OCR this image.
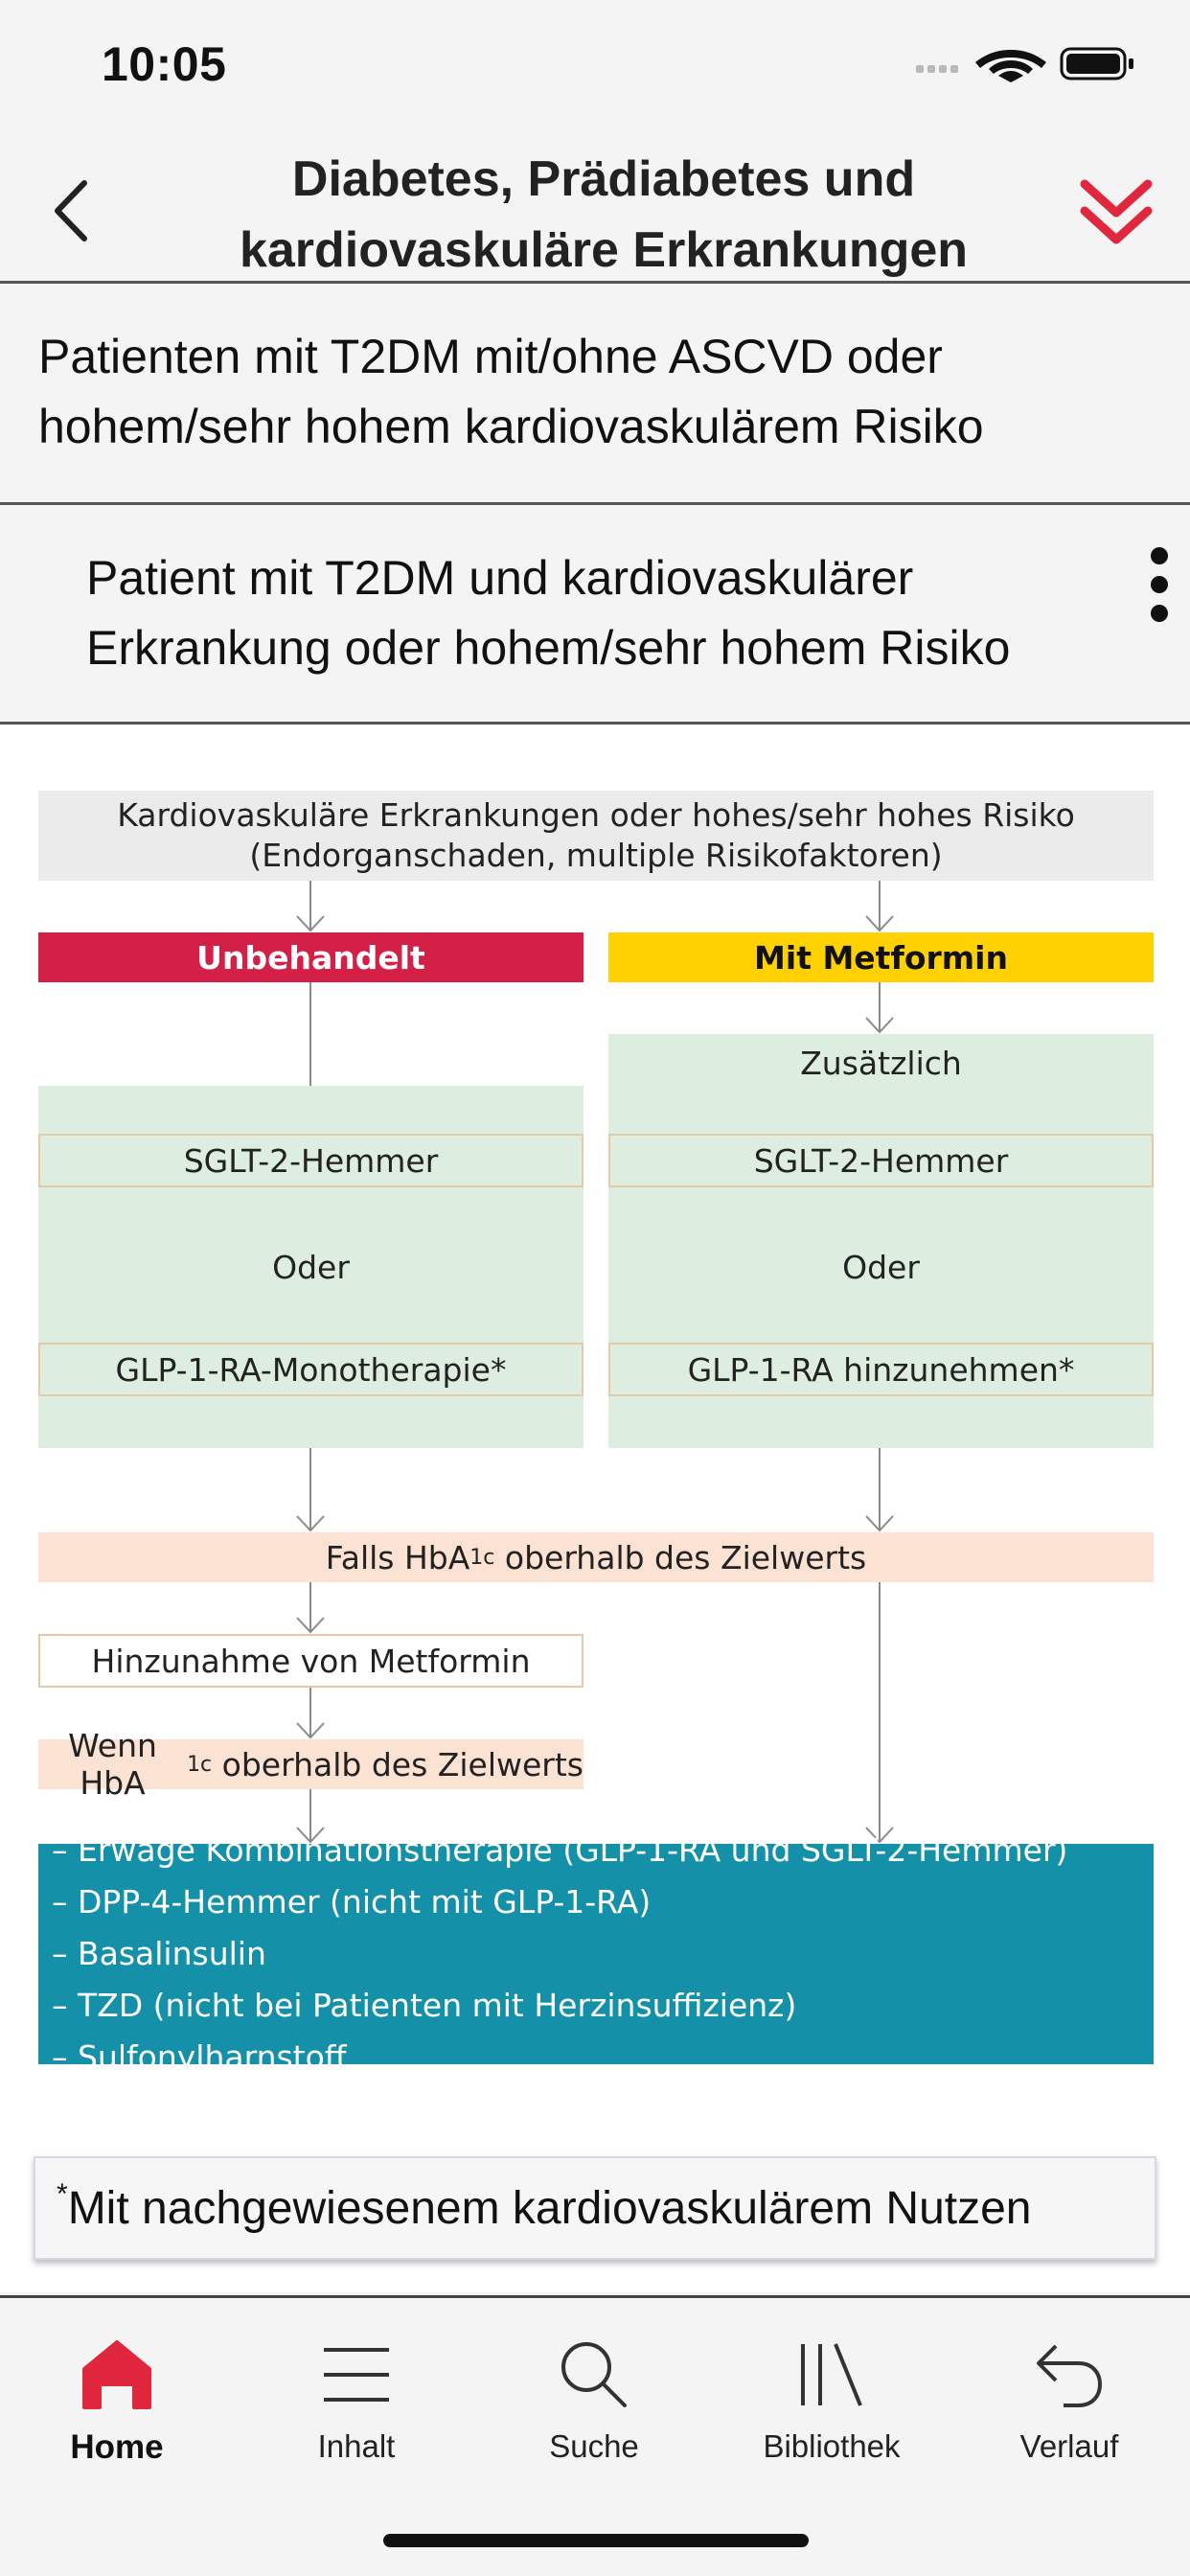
10:05
Diabetes, Prädiabetes und
kardiovaskuläre Erkrankungen
Patienten mit T2DM mit/ohne ASCVD oder
hohem/sehr hohem kardiovaskulärem Risiko
Patient mit T2DM und kardiovaskulärer
Erkrankung oder hohem/sehr hohem Risiko
Kardiovaskuläre Erkrankungen oder hohes/sehr hohes Risiko
(Endorganschaden, multiple Risikofaktoren)
Unbehandelt	Mit Metformin
Zusätzlich
SGLT-2-Hemmer	SGLT-2-Hemmer
Oder	Oder
GLP-1-RA-Monotherapie*	GLP-1-RA hinzunehmen*
Falls HbA 1c oberhalb des Zielwerts
Hinzunahme von Metformin
Wenn HbA	1c oberhalb des Zielwerts
– Erwäge Kombinationstherapie (GLP-1-RA und SGLT-2-Hemmer)
– DPP-4-Hemmer (nicht mit GLP-1-RA)
– Basalinsulin
– TZD (nicht bei Patienten mit Herzinsuffizienz)
– Sulfonylharnstoff
* Mit nachgewiesenem kardiovaskulärem Nutzen
Home	Inhalt	Suche	Bibliothek	Verlauf
